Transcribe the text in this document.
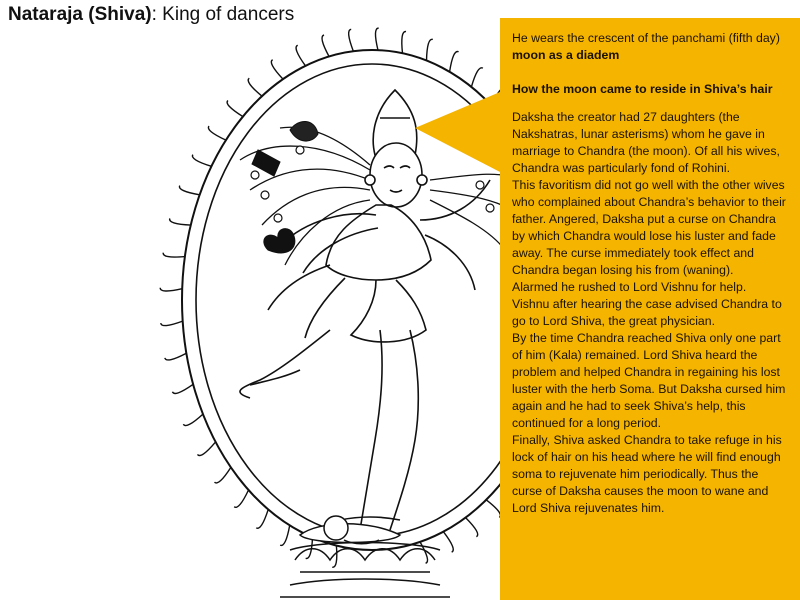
Nataraja (Shiva): King of dancers

He wears the crescent of the panchami (fifth day) moon as a diadem

How the moon came to reside in Shiva’s hair

Daksha the creator had 27 daughters (the Nakshatras, lunar asterisms) whom he gave in marriage to Chandra (the moon). Of all his wives, Chandra was particularly fond of Rohini.

This favoritism did not go well with the other wives who complained about Chandra’s behavior to their father. Angered, Daksha put a curse on Chandra by which Chandra would lose his luster and fade away. The curse immediately took effect and Chandra began losing his from (waning).

Alarmed he rushed to Lord Vishnu for help. Vishnu after hearing the case advised Chandra to go to Lord Shiva, the great physician.

By the time Chandra reached Shiva only one part of him (Kala) remained. Lord Shiva heard the problem and helped Chandra in regaining his lost luster with the herb Soma. But Daksha cursed him again and he had to seek Shiva’s help, this continued for a long period.

Finally, Shiva asked Chandra to take refuge in his lock of hair on his head where he will find enough soma to rejuvenate him periodically. Thus the curse of Daksha causes the moon to wane and Lord Shiva rejuvenates him.
